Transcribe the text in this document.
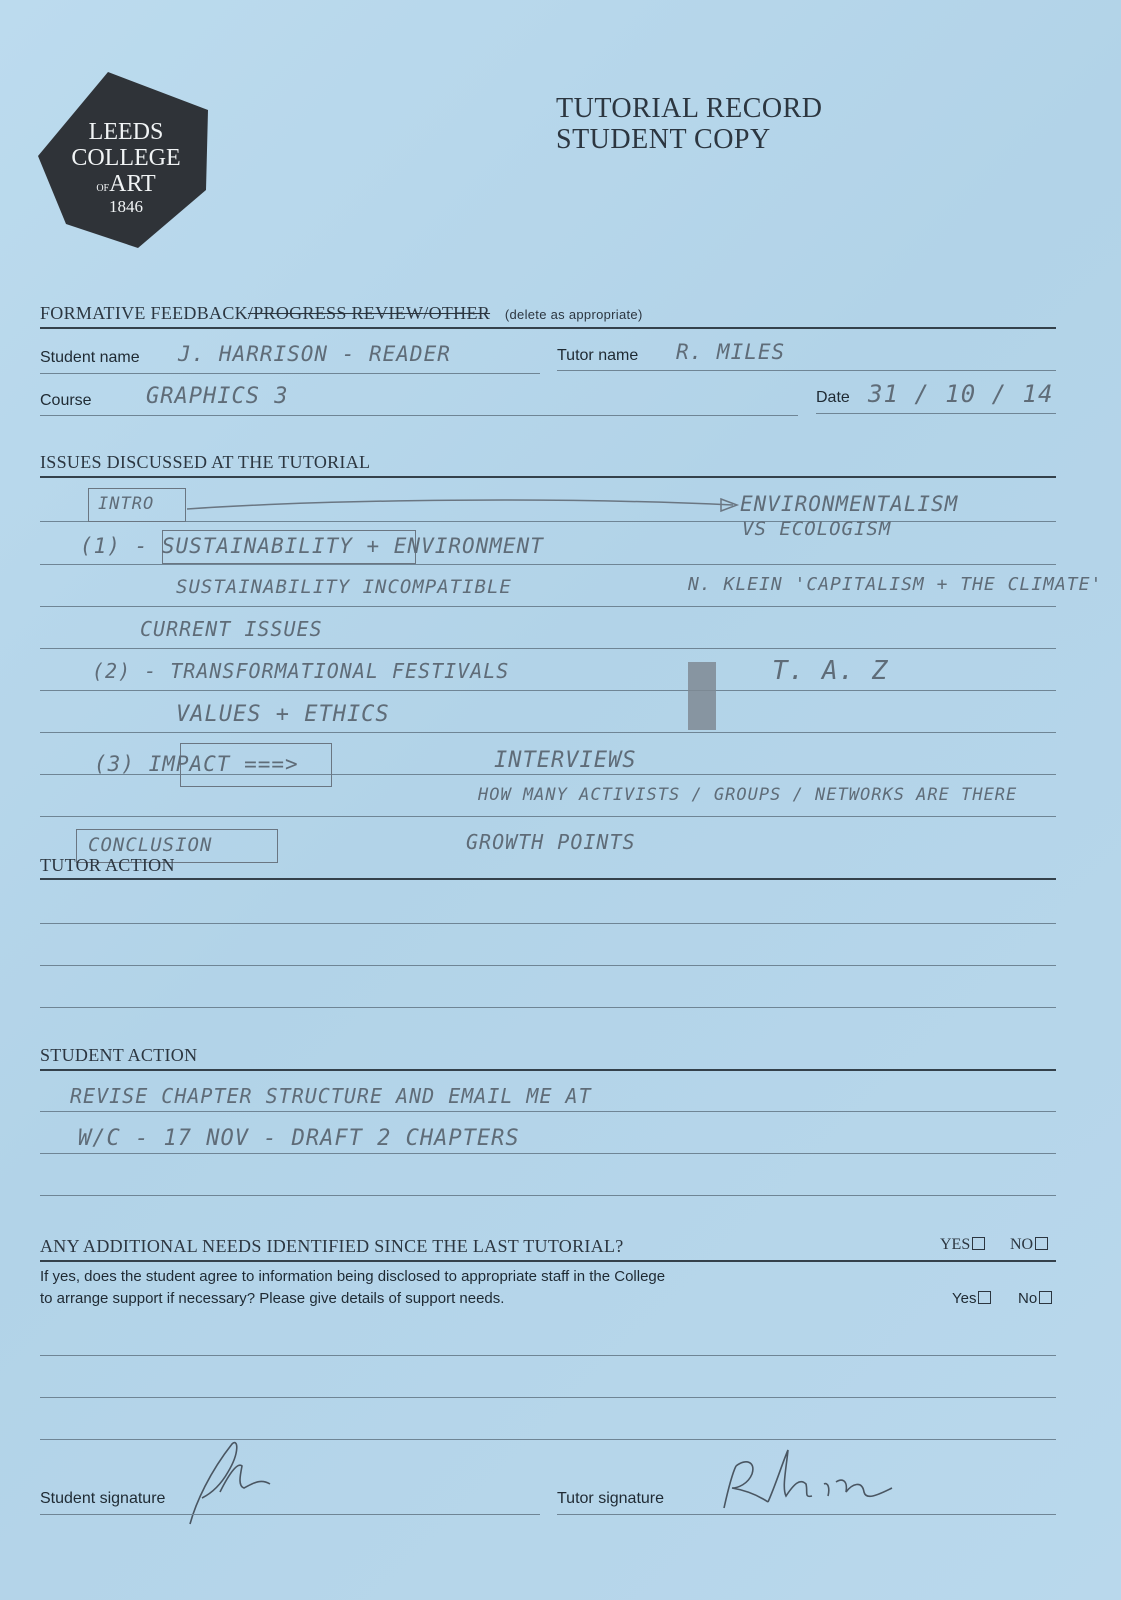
LEEDS
COLLEGE
OFART
1846
TUTORIAL RECORD
STUDENT COPY
FORMATIVE FEEDBACK/PROGRESS REVIEW/OTHER (delete as appropriate)
Student name J. HARRISON - READER	Tutor name R. MILES
Course GRAPHICS 3	Date 31 / 10 / 14
ISSUES DISCUSSED AT THE TUTORIAL
INTRO	ENVIRONMENTALISM
(1) - SUSTAINABILITY + ENVIRONMENT
VS ECOLOGISM
SUSTAINABILITY INCOMPATIBLE	N. KLEIN 'CAPITALISM + THE CLIMATE'
CURRENT ISSUES
(2) - TRANSFORMATIONAL FESTIVALS	T. A. Z
VALUES + ETHICS
(3) IMPACT ===>	INTERVIEWS
HOW MANY ACTIVISTS / GROUPS / NETWORKS ARE THERE
CONCLUSION	GROWTH POINTS
TUTOR ACTION
STUDENT ACTION
REVISE CHAPTER STRUCTURE AND EMAIL ME AT
W/C - 17 NOV - DRAFT 2 CHAPTERS
ANY ADDITIONAL NEEDS IDENTIFIED SINCE THE LAST TUTORIAL?	YES	NO
If yes, does the student agree to information being disclosed to appropriate staff in the College
to arrange support if necessary? Please give details of support needs.	Yes	No
Student signature	Tutor signature
